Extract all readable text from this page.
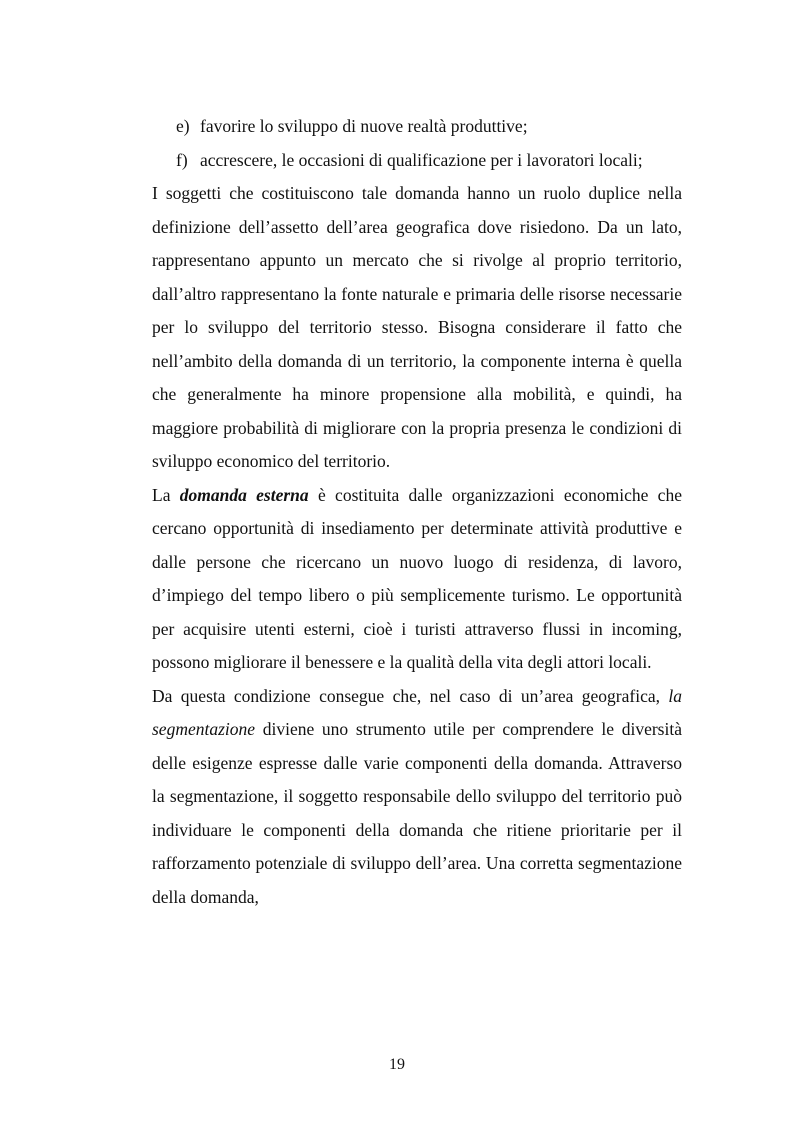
e) favorire lo sviluppo di nuove realtà produttive;

f) accrescere, le occasioni di qualificazione per i lavoratori locali;

I soggetti che costituiscono tale domanda hanno un ruolo duplice nella definizione dell’assetto dell’area geografica dove risiedono. Da un lato, rappresentano appunto un mercato che si rivolge al proprio territorio, dall’altro rappresentano la fonte naturale e primaria delle risorse necessarie per lo sviluppo del territorio stesso. Bisogna considerare il fatto che nell’ambito della domanda di un territorio, la componente interna è quella che generalmente ha minore propensione alla mobilità, e quindi, ha maggiore probabilità di migliorare con la propria presenza le condizioni di sviluppo economico del territorio.

La domanda esterna è costituita dalle organizzazioni economiche che cercano opportunità di insediamento per determinate attività produttive e dalle persone che ricercano un nuovo luogo di residenza, di lavoro, d’impiego del tempo libero o più semplicemente turismo. Le opportunità per acquisire utenti esterni, cioè i turisti attraverso flussi in incoming, possono migliorare il benessere e la qualità della vita degli attori locali.

Da questa condizione consegue che, nel caso di un’area geografica, la segmentazione diviene uno strumento utile per comprendere le diversità delle esigenze espresse dalle varie componenti della domanda. Attraverso la segmentazione, il soggetto responsabile dello sviluppo del territorio può individuare le componenti della domanda che ritiene prioritarie per il rafforzamento potenziale di sviluppo dell’area. Una corretta segmentazione della domanda,

19
